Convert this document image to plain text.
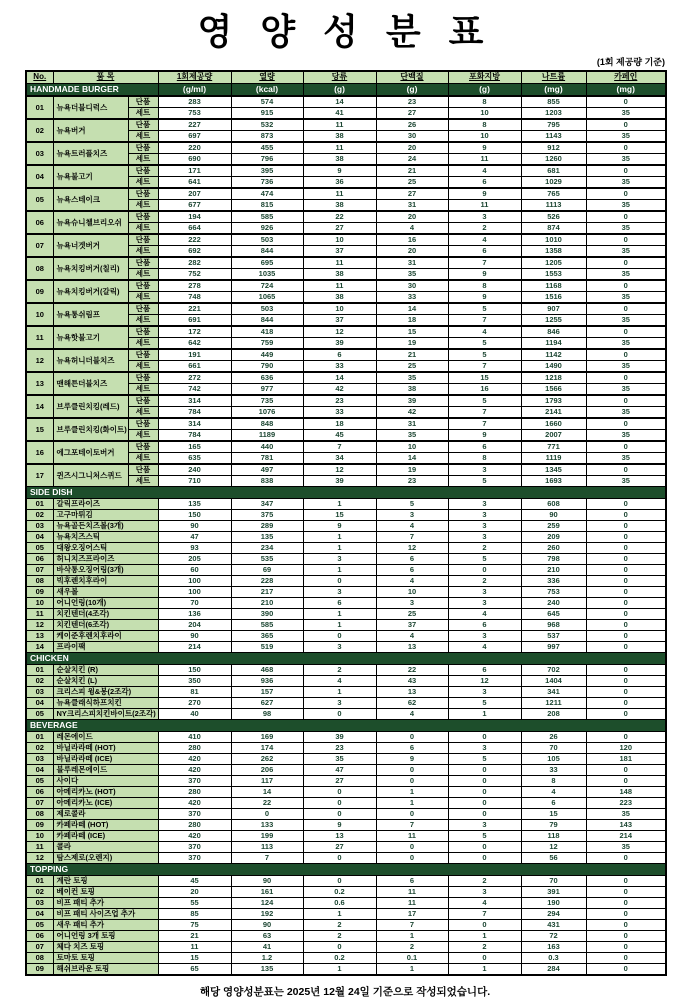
영 양 성 분 표
(1회 제공량 기준)
No.	품 목		1회제공량	열량	당류	단백질	포화지방	나트륨	카페인
HANDMADE BURGER			(g/ml)	(kcal)	(g)	(g)	(g)	(mg)	(mg)
01	뉴욕더블디럭스	단품	283	574	14	23	8	855	0
		세트	753	915	41	27	10	1203	35
02	뉴욕버거	단품	227	532	11	26	8	795	0
		세트	697	873	38	30	10	1143	35
03	뉴욕트러플치즈	단품	220	455	11	20	9	912	0
		세트	690	796	38	24	11	1260	35
04	뉴욕불고기	단품	171	395	9	21	4	681	0
		세트	641	736	36	25	6	1029	35
05	뉴욕스테이크	단품	207	474	11	27	9	765	0
		세트	677	815	38	31	11	1113	35
06	뉴욕슈니첼브리오쉬	단품	194	585	22	20	3	526	0
		세트	664	926	27	4	2	874	35
07	뉴욕너겟버거	단품	222	503	10	16	4	1010	0
		세트	692	844	37	20	6	1358	35
08	뉴욕치킹버거(칠리)	단품	282	695	11	31	7	1205	0
		세트	752	1035	38	35	9	1553	35
09	뉴욕치킹버거(갈릭)	단품	278	724	11	30	8	1168	0
		세트	748	1065	38	33	9	1516	35
10	뉴욕통쉬림프	단품	221	503	10	14	5	907	0
		세트	691	844	37	18	7	1255	35
11	뉴욕핫불고기	단품	172	418	12	15	4	846	0
		세트	642	759	39	19	5	1194	35
12	뉴욕허니더블치즈	단품	191	449	6	21	5	1142	0
		세트	661	790	33	25	7	1490	35
13	맨해튼더블치즈	단품	272	636	14	35	15	1218	0
		세트	742	977	42	38	16	1566	35
14	브루클린치킹(레드)	단품	314	735	23	39	5	1793	0
		세트	784	1076	33	42	7	2141	35
15	브루클린치킹(화이트)	단품	314	848	18	31	7	1660	0
		세트	784	1189	45	35	9	2007	35
16	에그포테이토버거	단품	165	440	7	10	6	771	0
		세트	635	781	34	14	8	1119	35
17	퀸즈시그니처스퀴드	단품	240	497	12	19	3	1345	0
		세트	710	838	39	23	5	1693	35
SIDE DISH									
01	갈릭프라이즈		135	347	1	5	3	608	0
02	고구마튀김		150	375	15	3	3	90	0
03	뉴욕골든치즈볼(3개)		90	289	9	4	3	259	0
04	뉴욕치즈스틱		47	135	1	7	3	209	0
05	대왕오징어스틱		93	234	1	12	2	260	0
06	허니치즈프라이즈		205	535	3	6	5	798	0
07	바삭통오징어링(3개)		60	69	1	6	0	210	0
08	빅후렌치후라이		100	228	0	4	2	336	0
09	새우볼		100	217	3	10	3	753	0
10	어니언링(10개)		70	210	6	3	3	240	0
11	치킨텐더(4조각)		136	390	1	25	4	645	0
12	치킨텐더(6조각)		204	585	1	37	6	968	0
13	케이준후렌치후라이		90	365	0	4	3	537	0
14	프라이팩		214	519	3	13	4	997	0
CHICKEN									
01	순살치킨 (R)		150	468	2	22	6	702	0
02	순살치킨 (L)		350	936	4	43	12	1404	0
03	크리스피 윙&봉(2조각)		81	157	1	13	3	341	0
04	뉴욕클래식하프치킨		270	627	3	62	5	1211	0
05	NY크리스피치킨바이트(2조각)		40	98	0	4	1	208	0
BEVERAGE									
01	레몬에이드		410	169	39	0	0	26	0
02	바닐라라떼 (HOT)		280	174	23	6	3	70	120
03	바닐라라떼 (ICE)		420	262	35	9	5	105	181
04	블루레몬에이드		420	206	47	0	0	33	0
05	사이다		370	117	27	0	0	8	0
06	아메리카노 (HOT)		280	14	0	1	0	4	148
07	아메리카노 (ICE)		420	22	0	1	0	6	223
08	제로콜라		370	0	0	0	0	15	35
09	카페라떼 (HOT)		280	133	9	7	3	79	143
10	카페라떼 (ICE)		420	199	13	11	5	118	214
11	콜라		370	113	27	0	0	12	35
12	탐스제로(오렌지)		370	7	0	0	0	56	0
TOPPING									
01	계란 토핑		45	90	0	6	2	70	0
02	베이컨 토핑		20	161	0.2	11	3	391	0
03	비프 패티 추가		55	124	0.6	11	4	190	0
04	비프 패티 사이즈업 추가		85	192	1	17	7	294	0
05	새우 패티 추가		75	90	2	7	0	431	0
06	어니언링 3개 토핑		21	63	2	1	1	72	0
07	체다 치즈 토핑		11	41	0	2	2	163	0
08	토마토 토핑		15	1.2	0.2	0.1	0	0.3	0
09	해쉬브라운 토핑		65	135	1	1	1	284	0
해당 영양성분표는 2025년 12월 24일 기준으로 작성되었습니다.
